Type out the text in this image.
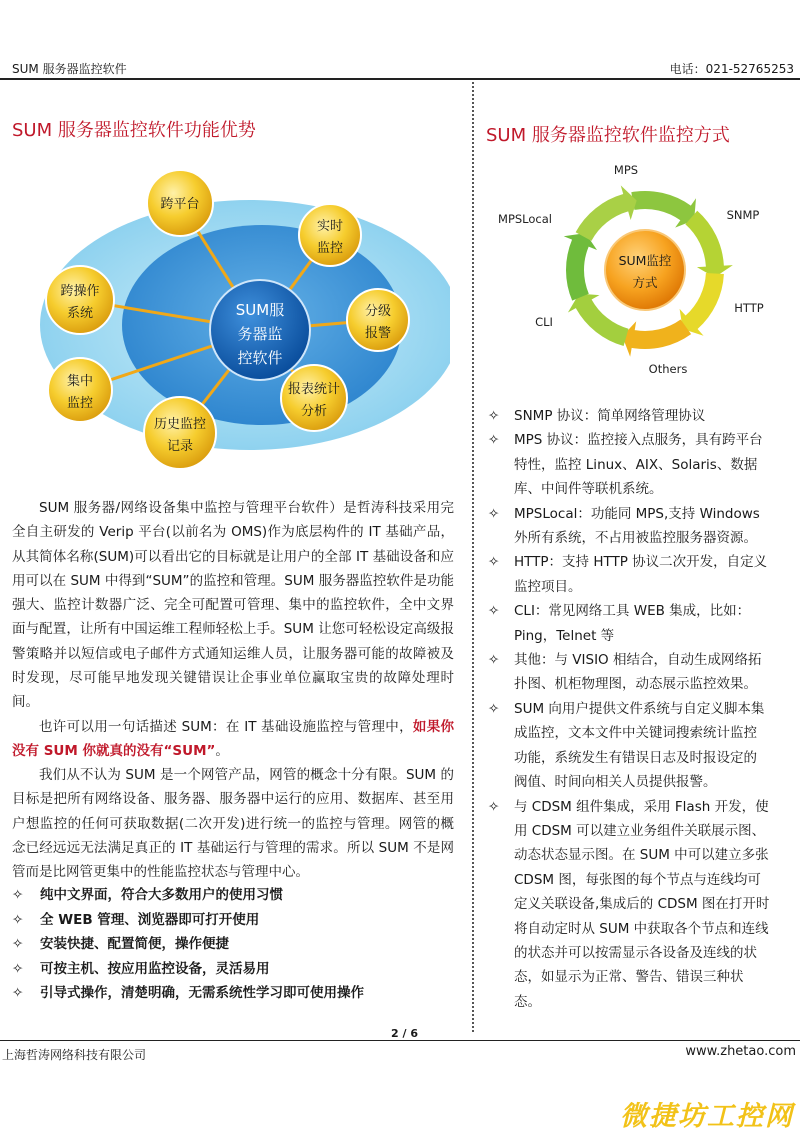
SUM 服务器监控软件	电话：021-52765253
SUM 服务器监控软件功能优势
SUM服务器监控软件
跨平台
实时监控
分级报警
报表统计分析
历史监控记录
集中监控
跨操作系统

SUM 服务器/网络设备集中监控与管理平台软件）是哲涛科技采用完全自主研发的 Verip 平台(以前名为 OMS)作为底层构件的 IT 基础产品，从其简体名称(SUM)可以看出它的目标就是让用户的全部 IT 基础设备和应用可以在 SUM 中得到“SUM”的监控和管理。SUM 服务器监控软件是功能强大、监控计数器广泛、完全可配置可管理、集中的监控软件，全中文界面与配置，让所有中国运维工程师轻松上手。SUM 让您可轻松设定高级报警策略并以短信或电子邮件方式通知运维人员，让服务器可能的故障被及时发现，尽可能早地发现关键错误让企事业单位赢取宝贵的故障处理时间。

也许可以用一句话描述 SUM：在 IT 基础设施监控与管理中，如果你没有 SUM 你就真的没有“SUM”。

我们从不认为 SUM 是一个网管产品，网管的概念十分有限。SUM 的目标是把所有网络设备、服务器、服务器中运行的应用、数据库、甚至用户想监控的任何可获取数据(二次开发)进行统一的监控与管理。网管的概念已经远远无法满足真正的 IT 基础运行与管理的需求。所以 SUM 不是网管而是比网管更集中的性能监控状态与管理中心。

✧ 纯中文界面，符合大多数用户的使用习惯
✧ 全 WEB 管理、浏览器即可打开使用
✧ 安装快捷、配置简便，操作便捷
✧ 可按主机、按应用监控设备，灵活易用
✧ 引导式操作，清楚明确，无需系统性学习即可使用操作
SUM 服务器监控软件监控方式
SUM监控方式
MPS
SNMP
HTTP
Others
CLI
MPSLocal
✧ SNMP 协议：简单网络管理协议
✧ MPS 协议：监控接入点服务，具有跨平台特性，监控 Linux、AIX、Solaris、数据库、中间件等联机系统。
✧ MPSLocal：功能同 MPS,支持 Windows 外所有系统，不占用被监控服务器资源。
✧ HTTP：支持 HTTP 协议二次开发，自定义监控项目。
✧ CLI：常见网络工具 WEB 集成，比如：Ping，Telnet 等
✧ 其他：与 VISIO 相结合，自动生成网络拓扑图、机柜物理图，动态展示监控效果。
✧ SUM 向用户提供文件系统与自定义脚本集成监控，文本文件中关键词搜索统计监控功能，系统发生有错误日志及时报设定的阀值、时间向相关人员提供报警。
✧ 与 CDSM 组件集成，采用 Flash 开发，使用 CDSM 可以建立业务组件关联展示图、动态状态显示图。在 SUM 中可以建立多张 CDSM 图，每张图的每个节点与连线均可定义关联设备,集成后的 CDSM 图在打开时将自动定时从 SUM 中获取各个节点和连线的状态并可以按需显示各设备及连线的状态，如显示为正常、警告、错误三种状态。
2 / 6
上海哲涛网络科技有限公司	www.zhetao.com
微捷坊工控网
